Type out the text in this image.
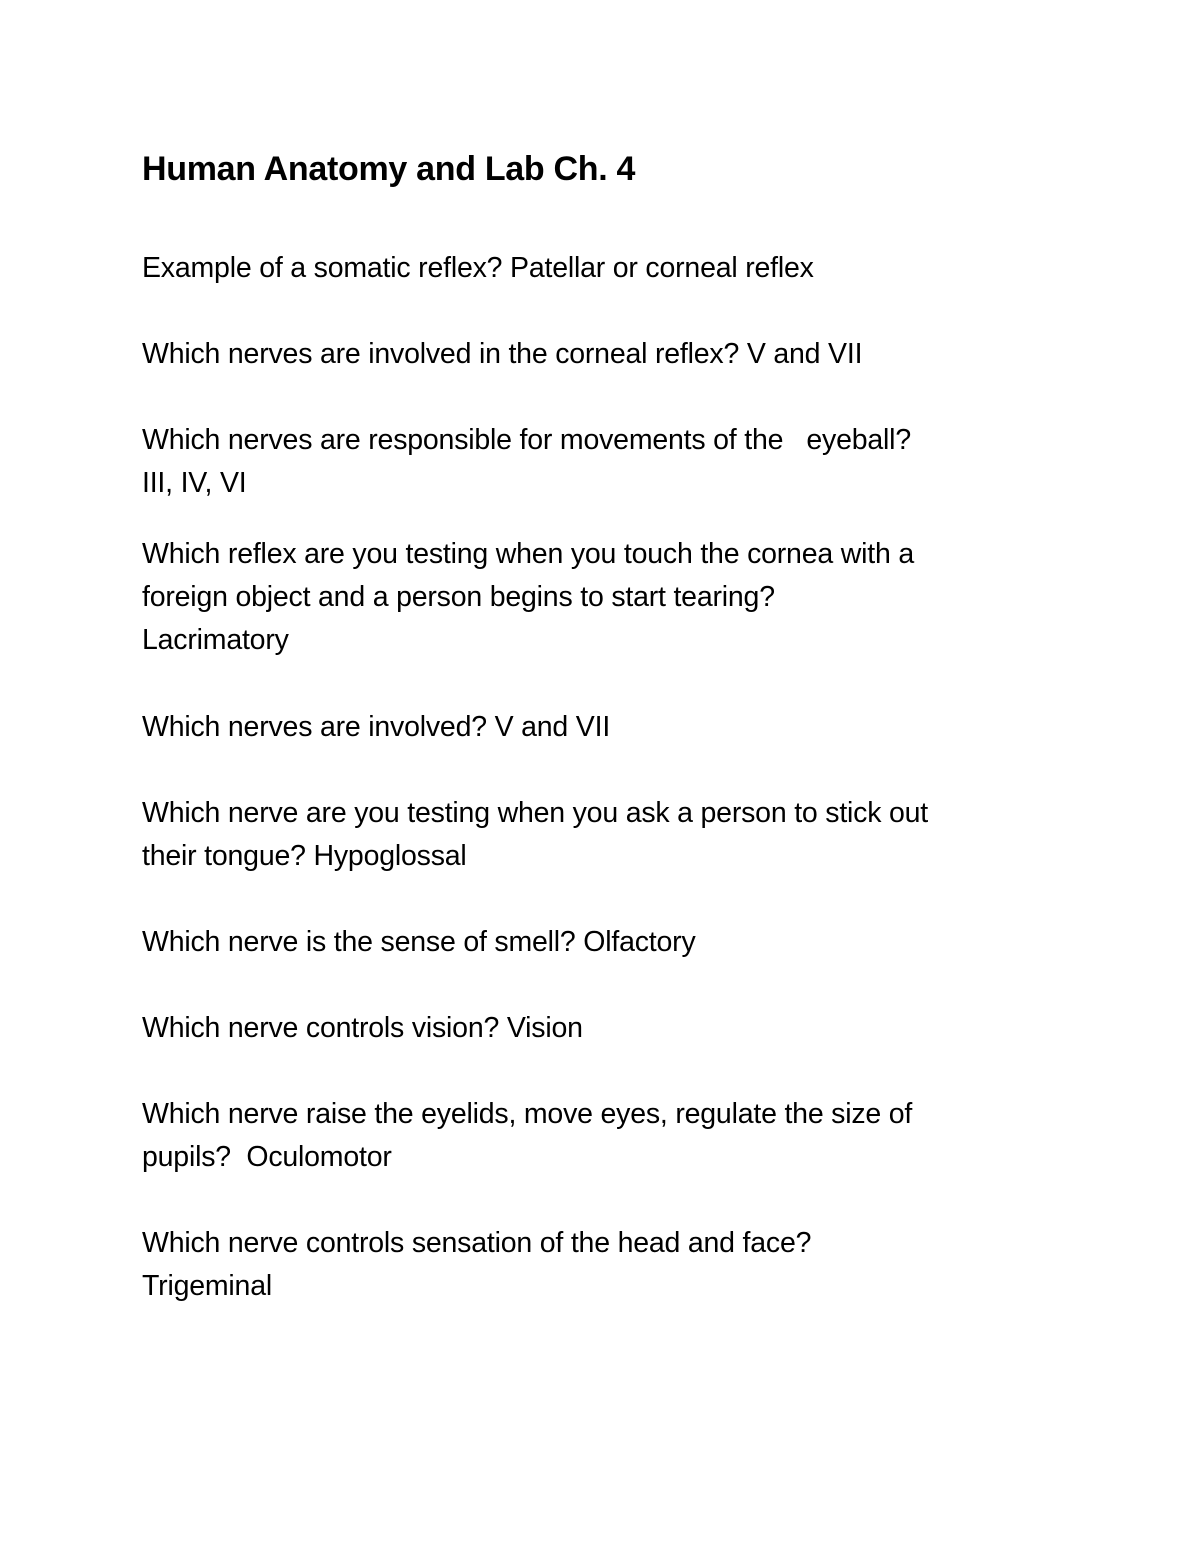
Human Anatomy and Lab Ch. 4
Example of a somatic reflex? Patellar or corneal reflex
Which nerves are involved in the corneal reflex? V and VII
Which nerves are responsible for movements of the   eyeball?
III, IV, VI
Which reflex are you testing when you touch the cornea with a
foreign object and a person begins to start tearing?
Lacrimatory
Which nerves are involved? V and VII
Which nerve are you testing when you ask a person to stick out
their tongue? Hypoglossal
Which nerve is the sense of smell? Olfactory
Which nerve controls vision? Vision
Which nerve raise the eyelids, move eyes, regulate the size of
pupils?  Oculomotor
Which nerve controls sensation of the head and face?
Trigeminal
